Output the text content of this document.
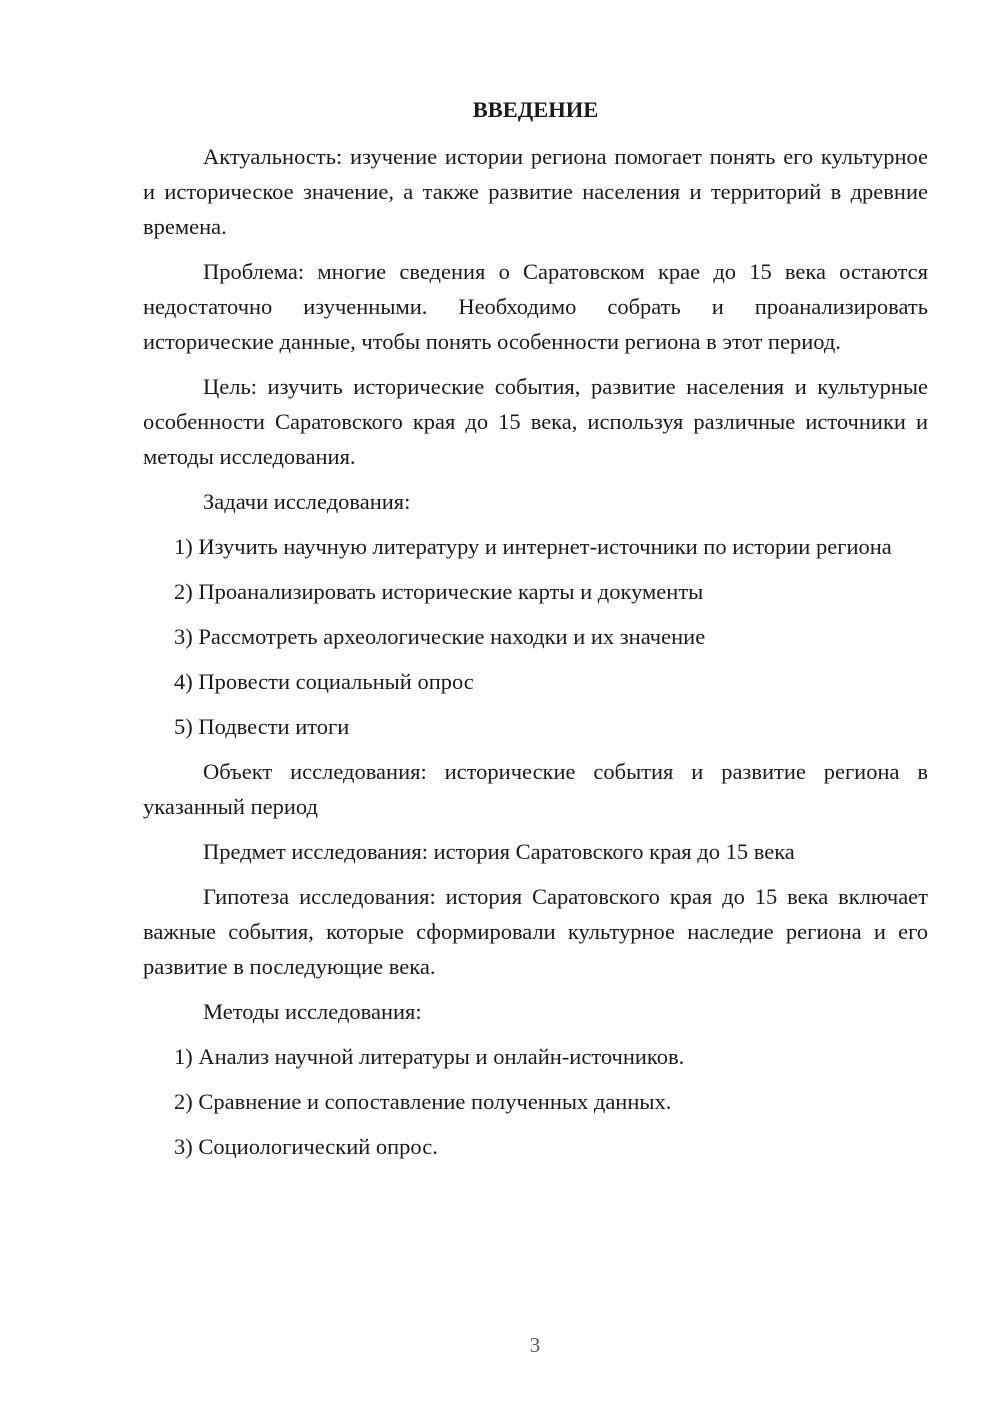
ВВЕДЕНИЕ

Актуальность: изучение истории региона помогает понять его культурное и историческое значение, а также развитие населения и территорий в древние времена.

Проблема: многие сведения о Саратовском крае до 15 века остаются недостаточно изученными. Необходимо собрать и проанализировать исторические данные, чтобы понять особенности региона в этот период.

Цель: изучить исторические события, развитие населения и культурные особенности Саратовского края до 15 века, используя различные источники и методы исследования.

Задачи исследования:

1) Изучить научную литературу и интернет-источники по истории региона

2) Проанализировать исторические карты и документы

3) Рассмотреть археологические находки и их значение

4) Провести социальный опрос

5) Подвести итоги

Объект исследования: исторические события и развитие региона в указанный период

Предмет исследования: история Саратовского края до 15 века

Гипотеза исследования: история Саратовского края до 15 века включает важные события, которые сформировали культурное наследие региона и его развитие в последующие века.

Методы исследования:

1) Анализ научной литературы и онлайн-источников.

2) Сравнение и сопоставление полученных данных.

3) Социологический опрос.

3
